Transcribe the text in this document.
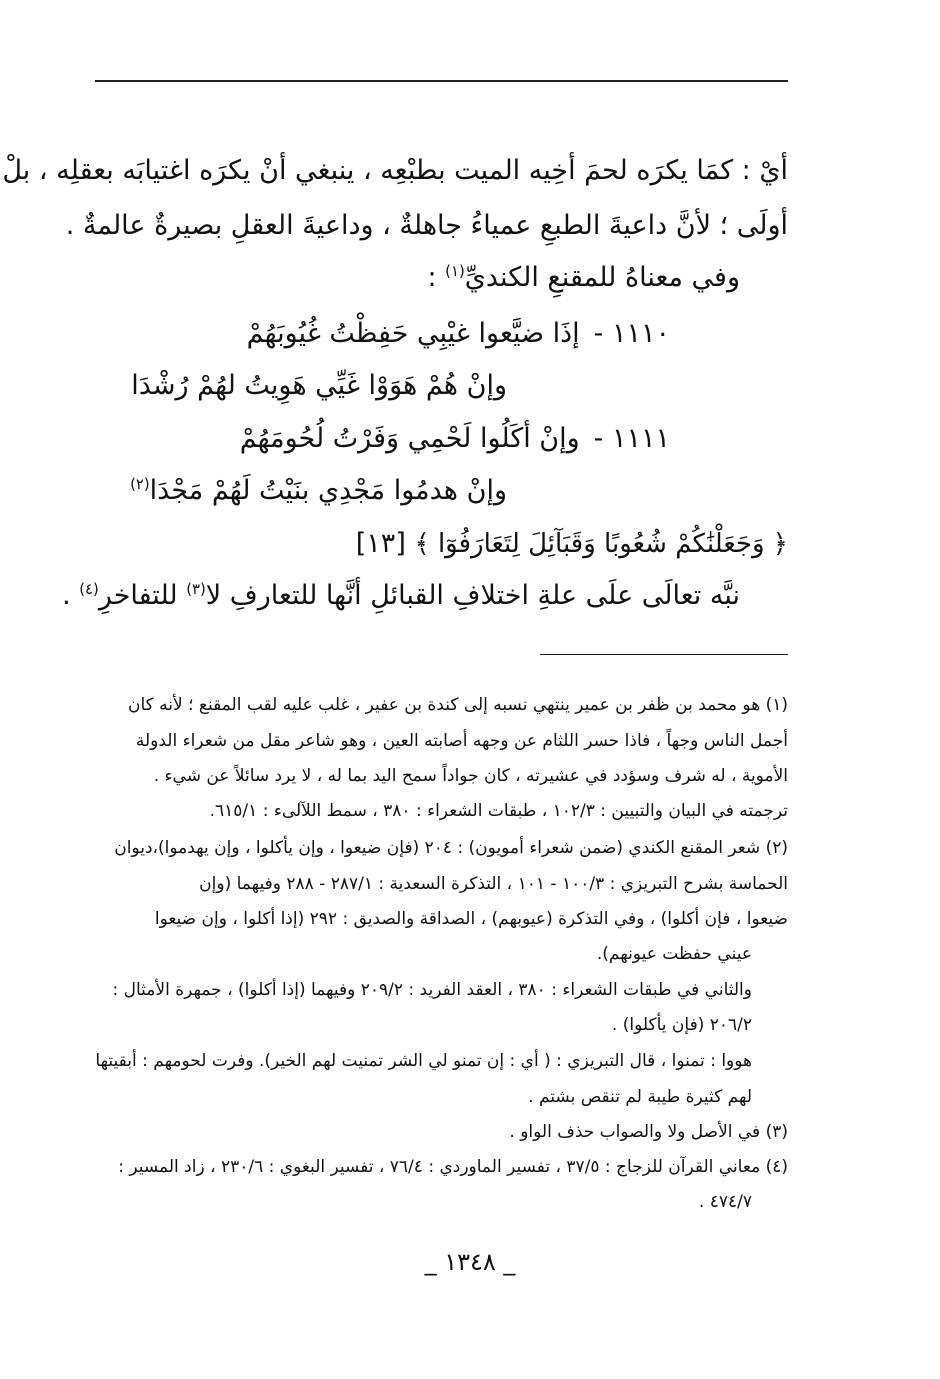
أيْ : كمَا يكرَه لحمَ أخِيه الميت بطبْعِه ، ينبغي أنْ يكرَه اغتيابَه بعقلِه ، بلْ
أولَى ؛ لأنَّ داعيةَ الطبعِ عمياءُ جاهلةٌ ، وداعيةَ العقلِ بصيرةٌ عالمةٌ .
وفي معناهُ للمقنعِ الكنديِّ$^{(١)}$ :
١١١٠ -إذَا ضيَّعوا غيْبِي حَفِظْتُ غُيُوبَهُمْ
وإنْ هُمْ هَوَوْا غَيِّي هَوِيتُ لهُمْ رُشْدَا
١١١١ -وإنْ أكَلُوا لَحْمِي وَفَرْتُ لُحُومَهُمْ
وإنْ هدمُوا مَجْدِي بنَيْتُ لَهُمْ مَجْدَا$^{(٢)}$
﴿ وَجَعَلْنَٰكُمْ شُعُوبًا وَقَبَآئِلَ لِتَعَارَفُوٓا ﴾ [١٣]
نبَّه تعالَى علَى علةِ اختلافِ القبائلِ أنَّها للتعارفِ لا$^{(٣)}$ للتفاخرِ$^{(٤)}$ .
(١) هو محمد بن ظفر بن عمير ينتهي نسبه إلى كندة بن عفير ، غلب عليه لقب المقنع ؛ لأنه كان
أجمل الناس وجهاً ، فاذا حسر اللثام عن وجهه أصابته العين ، وهو شاعر مقل من شعراء الدولة
الأموية ، له شرف وسؤدد في عشيرته ، كان جواداً سمح اليد بما له ، لا يرد سائلاً عن شيء .
ترجمته في البيان والتبيين : ١٠٢/٣ ، طبقات الشعراء : ٣٨٠ ، سمط اللآلىء : ٦١٥/١.
(٢) شعر المقنع الكندي (ضمن شعراء أمويون) : ٢٠٤ (فإن ضيعوا ، وإن يأكلوا ، وإن يهدموا)،ديوان
الحماسة بشرح التبريزي : ١٠٠/٣ - ١٠١ ، التذكرة السعدية : ٢٨٧/١ - ٢٨٨ وفيهما (وإن
ضيعوا ، فإن أكلوا) ، وفي التذكرة (عيوبهم) ، الصداقة والصديق : ٢٩٢ (إذا أكلوا ، وإن ضيعوا
عيني حفظت عيونهم).
والثاني في طبقات الشعراء : ٣٨٠ ، العقد الفريد : ٢٠٩/٢ وفيهما (إذا أكلوا) ، جمهرة الأمثال :
٢٠٦/٢ (فإن يأكلوا) .
هووا : تمنوا ، قال التبريزي : ( أي : إن تمنو لي الشر تمنيت لهم الخير). وفرت لحومهم : أبقيتها
لهم كثيرة طيبة لم تنقص بشتم .
(٣) في الأصل ولا والصواب حذف الواو .
(٤) معاني القرآن للزجاج : ٣٧/٥ ، تفسير الماوردي : ٧٦/٤ ، تفسير البغوي : ٢٣٠/٦ ، زاد المسير :
٤٧٤/٧ .
_ ١٣٤٨ _
